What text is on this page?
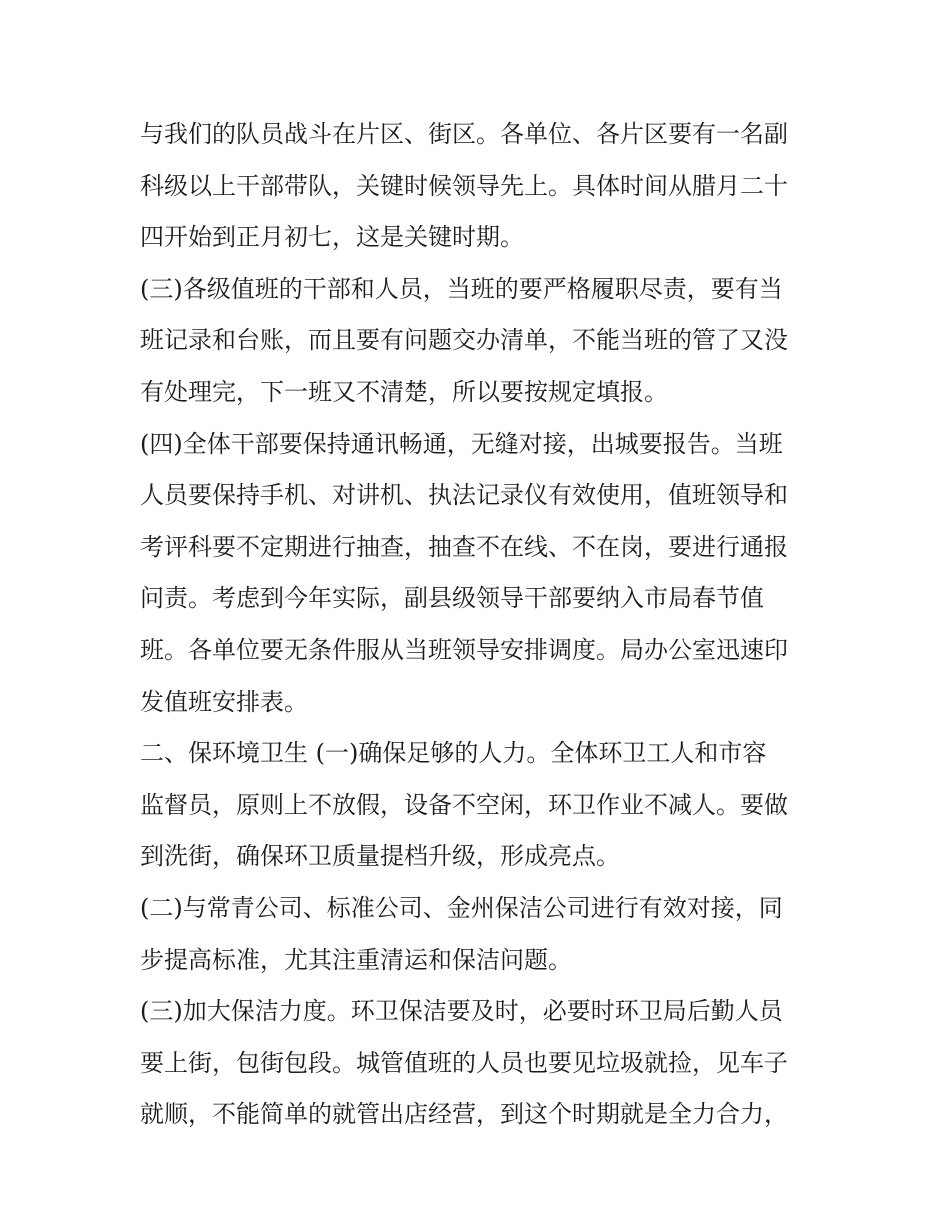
与我们的队员战斗在片区、街区。各单位、各片区要有一名副
科级以上干部带队，关键时候领导先上。具体时间从腊月二十
四开始到正月初七，这是关键时期。
(三)各级值班的干部和人员，当班的要严格履职尽责，要有当
班记录和台账，而且要有问题交办清单，不能当班的管了又没
有处理完，下一班又不清楚，所以要按规定填报。
(四)全体干部要保持通讯畅通，无缝对接，出城要报告。当班
人员要保持手机、对讲机、执法记录仪有效使用，值班领导和
考评科要不定期进行抽查，抽查不在线、不在岗，要进行通报
问责。考虑到今年实际，副县级领导干部要纳入市局春节值
班。各单位要无条件服从当班领导安排调度。局办公室迅速印
发值班安排表。
二、保环境卫生 (一)确保足够的人力。全体环卫工人和市容
监督员，原则上不放假，设备不空闲，环卫作业不减人。要做
到洗街，确保环卫质量提档升级，形成亮点。
(二)与常青公司、标准公司、金州保洁公司进行有效对接，同
步提高标准，尤其注重清运和保洁问题。
(三)加大保洁力度。环卫保洁要及时，必要时环卫局后勤人员
要上街，包街包段。城管值班的人员也要见垃圾就捡，见车子
就顺，不能简单的就管出店经营，到这个时期就是全力合力，
